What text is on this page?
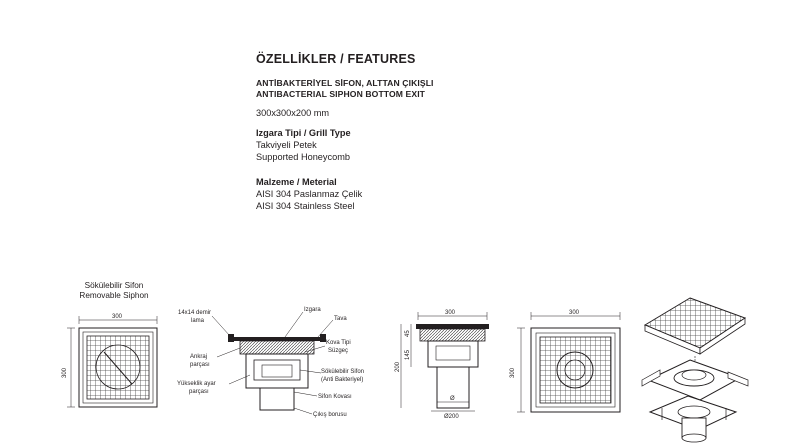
ÖZELLİKLER / FEATURES
ANTİBAKTERİYEL SİFON, ALTTAN ÇIKIŞLI
ANTIBACTERIAL SIPHON BOTTOM EXIT
300x300x200 mm
Izgara Tipi / Grill Type
Takviyeli Petek
Supported Honeycomb
Malzeme / Meterial
AISI 304 Paslanmaz Çelik
AISI 304 Stainless Steel
Sökülebilir Sifon
Removable Siphon
300
300
14x14 demir
lama
Izgara
Tava
Ankraj
parçası
Kova Tipi
Süzgeç
Yükseklik ayar
parçası
Sökülebilir Sifon
(Anti Bakteriyel)
Sifon Kovası
Çıkış borusu
300
45
145
200
Ø
Ø200
300
300
